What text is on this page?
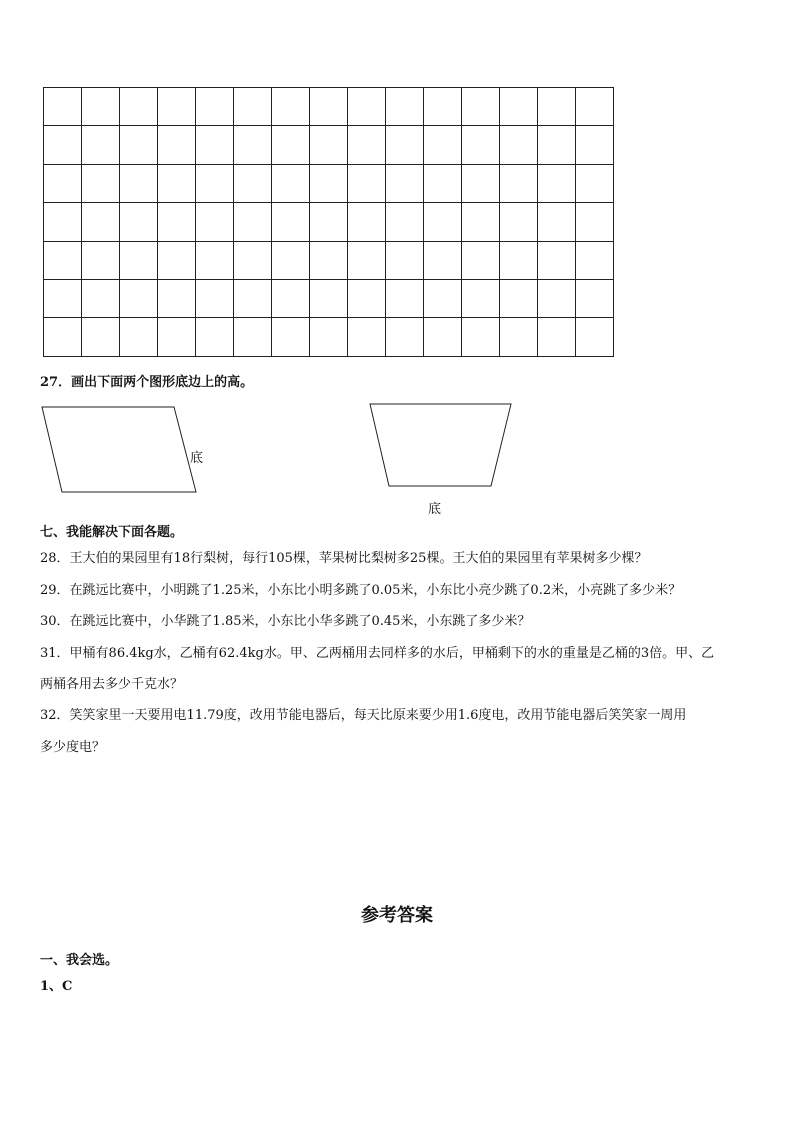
27．画出下面两个图形底边上的高。
底
底
七、我能解决下面各题。
28．王大伯的果园里有18行梨树，每行105棵，苹果树比梨树多25棵。王大伯的果园里有苹果树多少棵？
29．在跳远比赛中，小明跳了1.25米，小东比小明多跳了0.05米，小东比小亮少跳了0.2米，小亮跳了多少米？
30．在跳远比赛中，小华跳了1.85米，小东比小华多跳了0.45米，小东跳了多少米？
31．甲桶有86.4kg水，乙桶有62.4kg水。甲、乙两桶用去同样多的水后，甲桶剩下的水的重量是乙桶的3倍。甲、乙
两桶各用去多少千克水？
32．笑笑家里一天要用电11.79度，改用节能电器后，每天比原来要少用1.6度电，改用节能电器后笑笑家一周用
多少度电？
参考答案
一、我会选。
1、C
